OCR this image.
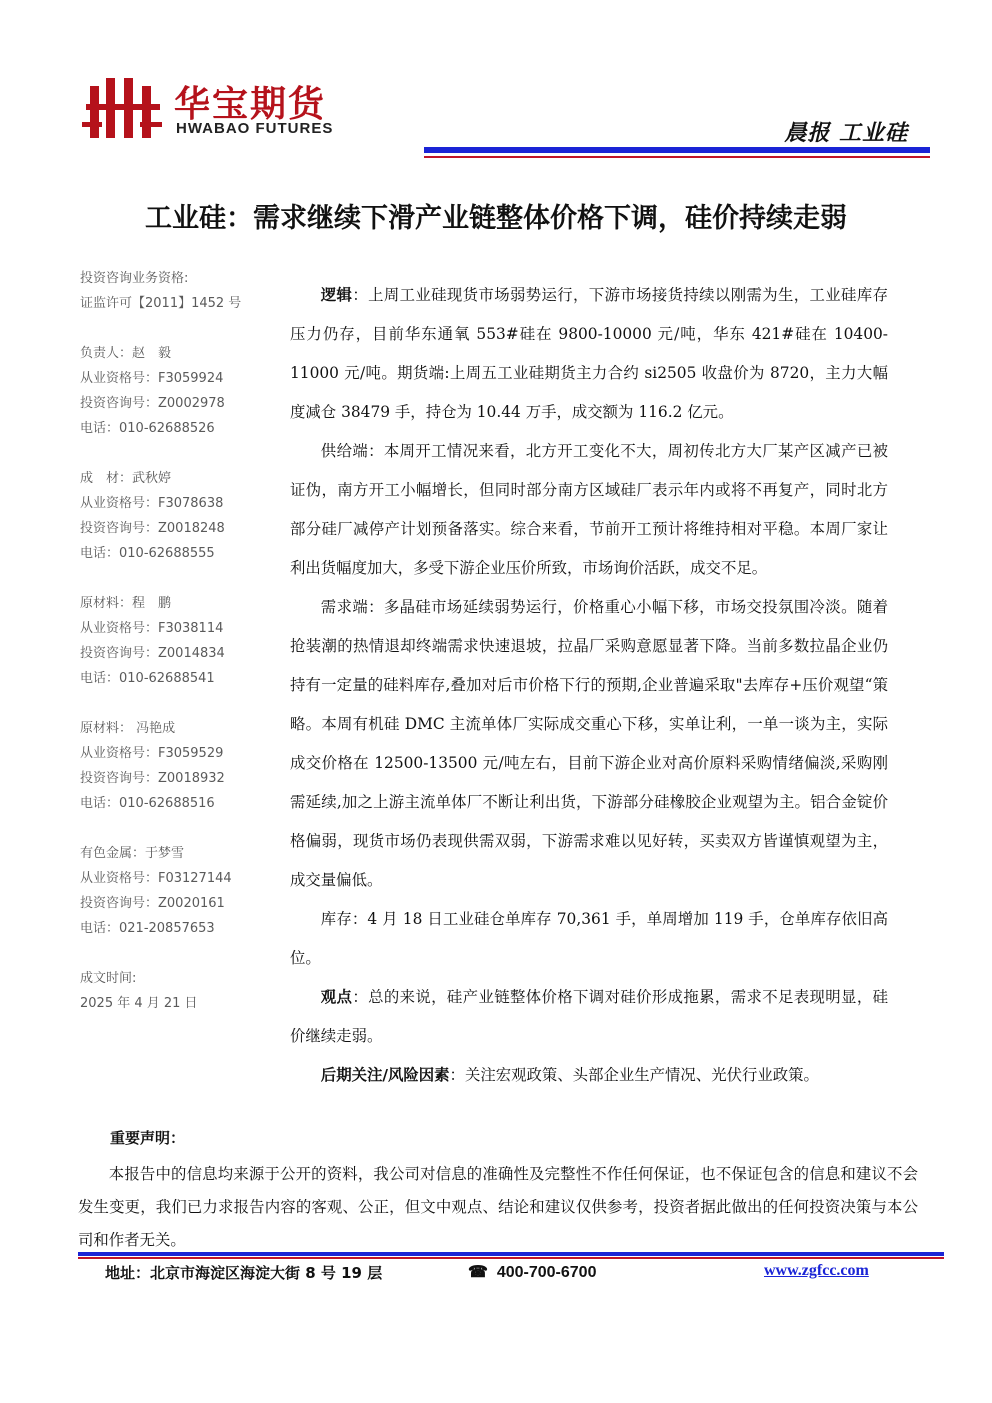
华宝期货
HWABAO FUTURES	晨报 工业硅
工业硅：需求继续下滑产业链整体价格下调，硅价持续走弱
投资咨询业务资格:
证监许可【2011】1452 号
负责人：赵　毅
从业资格号：F3059924
投资咨询号：Z0002978
电话：010-62688526
成　材：武秋婷
从业资格号：F3078638
投资咨询号：Z0018248
电话：010-62688555
原材料：程　鹏
从业资格号：F3038114
投资咨询号：Z0014834
电话：010-62688541
原材料： 冯艳成
从业资格号：F3059529
投资咨询号：Z0018932
电话：010-62688516
有色金属：于梦雪
从业资格号：F03127144
投资咨询号：Z0020161
电话：021-20857653
成文时间:
2025 年 4 月 21 日

逻辑：上周工业硅现货市场弱势运行，下游市场接货持续以刚需为生，工业硅库存压力仍存，目前华东通氧 553#硅在 9800-10000 元/吨，华东 421#硅在 10400-11000 元/吨。期货端:上周五工业硅期货主力合约 si2505 收盘价为 8720，主力大幅度减仓 38479 手，持仓为 10.44 万手，成交额为 116.2 亿元。

供给端：本周开工情况来看，北方开工变化不大，周初传北方大厂某产区减产已被证伪，南方开工小幅增长，但同时部分南方区域硅厂表示年内或将不再复产，同时北方部分硅厂减停产计划预备落实。综合来看，节前开工预计将维持相对平稳。本周厂家让利出货幅度加大，多受下游企业压价所致，市场询价活跃，成交不足。

需求端：多晶硅市场延续弱势运行，价格重心小幅下移，市场交投氛围冷淡。随着抢装潮的热情退却终端需求快速退坡，拉晶厂采购意愿显著下降。当前多数拉晶企业仍持有一定量的硅料库存,叠加对后市价格下行的预期,企业普遍采取"去库存+压价观望“策略。本周有机硅 DMC 主流单体厂实际成交重心下移，实单让利，一单一谈为主，实际成交价格在 12500-13500 元/吨左右，目前下游企业对高价原料采购情绪偏淡,采购刚需延续,加之上游主流单体厂不断让利出货，下游部分硅橡胶企业观望为主。铝合金锭价格偏弱，现货市场仍表现供需双弱，下游需求难以见好转，买卖双方皆谨慎观望为主，成交量偏低。

库存：4 月 18 日工业硅仓单库存 70,361 手，单周增加 119 手，仓单库存依旧高位。

观点：总的来说，硅产业链整体价格下调对硅价形成拖累，需求不足表现明显，硅价继续走弱。

后期关注/风险因素：关注宏观政策、头部企业生产情况、光伏行业政策。

重要声明：

本报告中的信息均来源于公开的资料，我公司对信息的准确性及完整性不作任何保证，也不保证包含的信息和建议不会发生变更，我们已力求报告内容的客观、公正，但文中观点、结论和建议仅供参考，投资者据此做出的任何投资决策与本公司和作者无关。

地址：北京市海淀区海淀大街 8 号 19 层	☎ 400-700-6700	www.zgfcc.com
